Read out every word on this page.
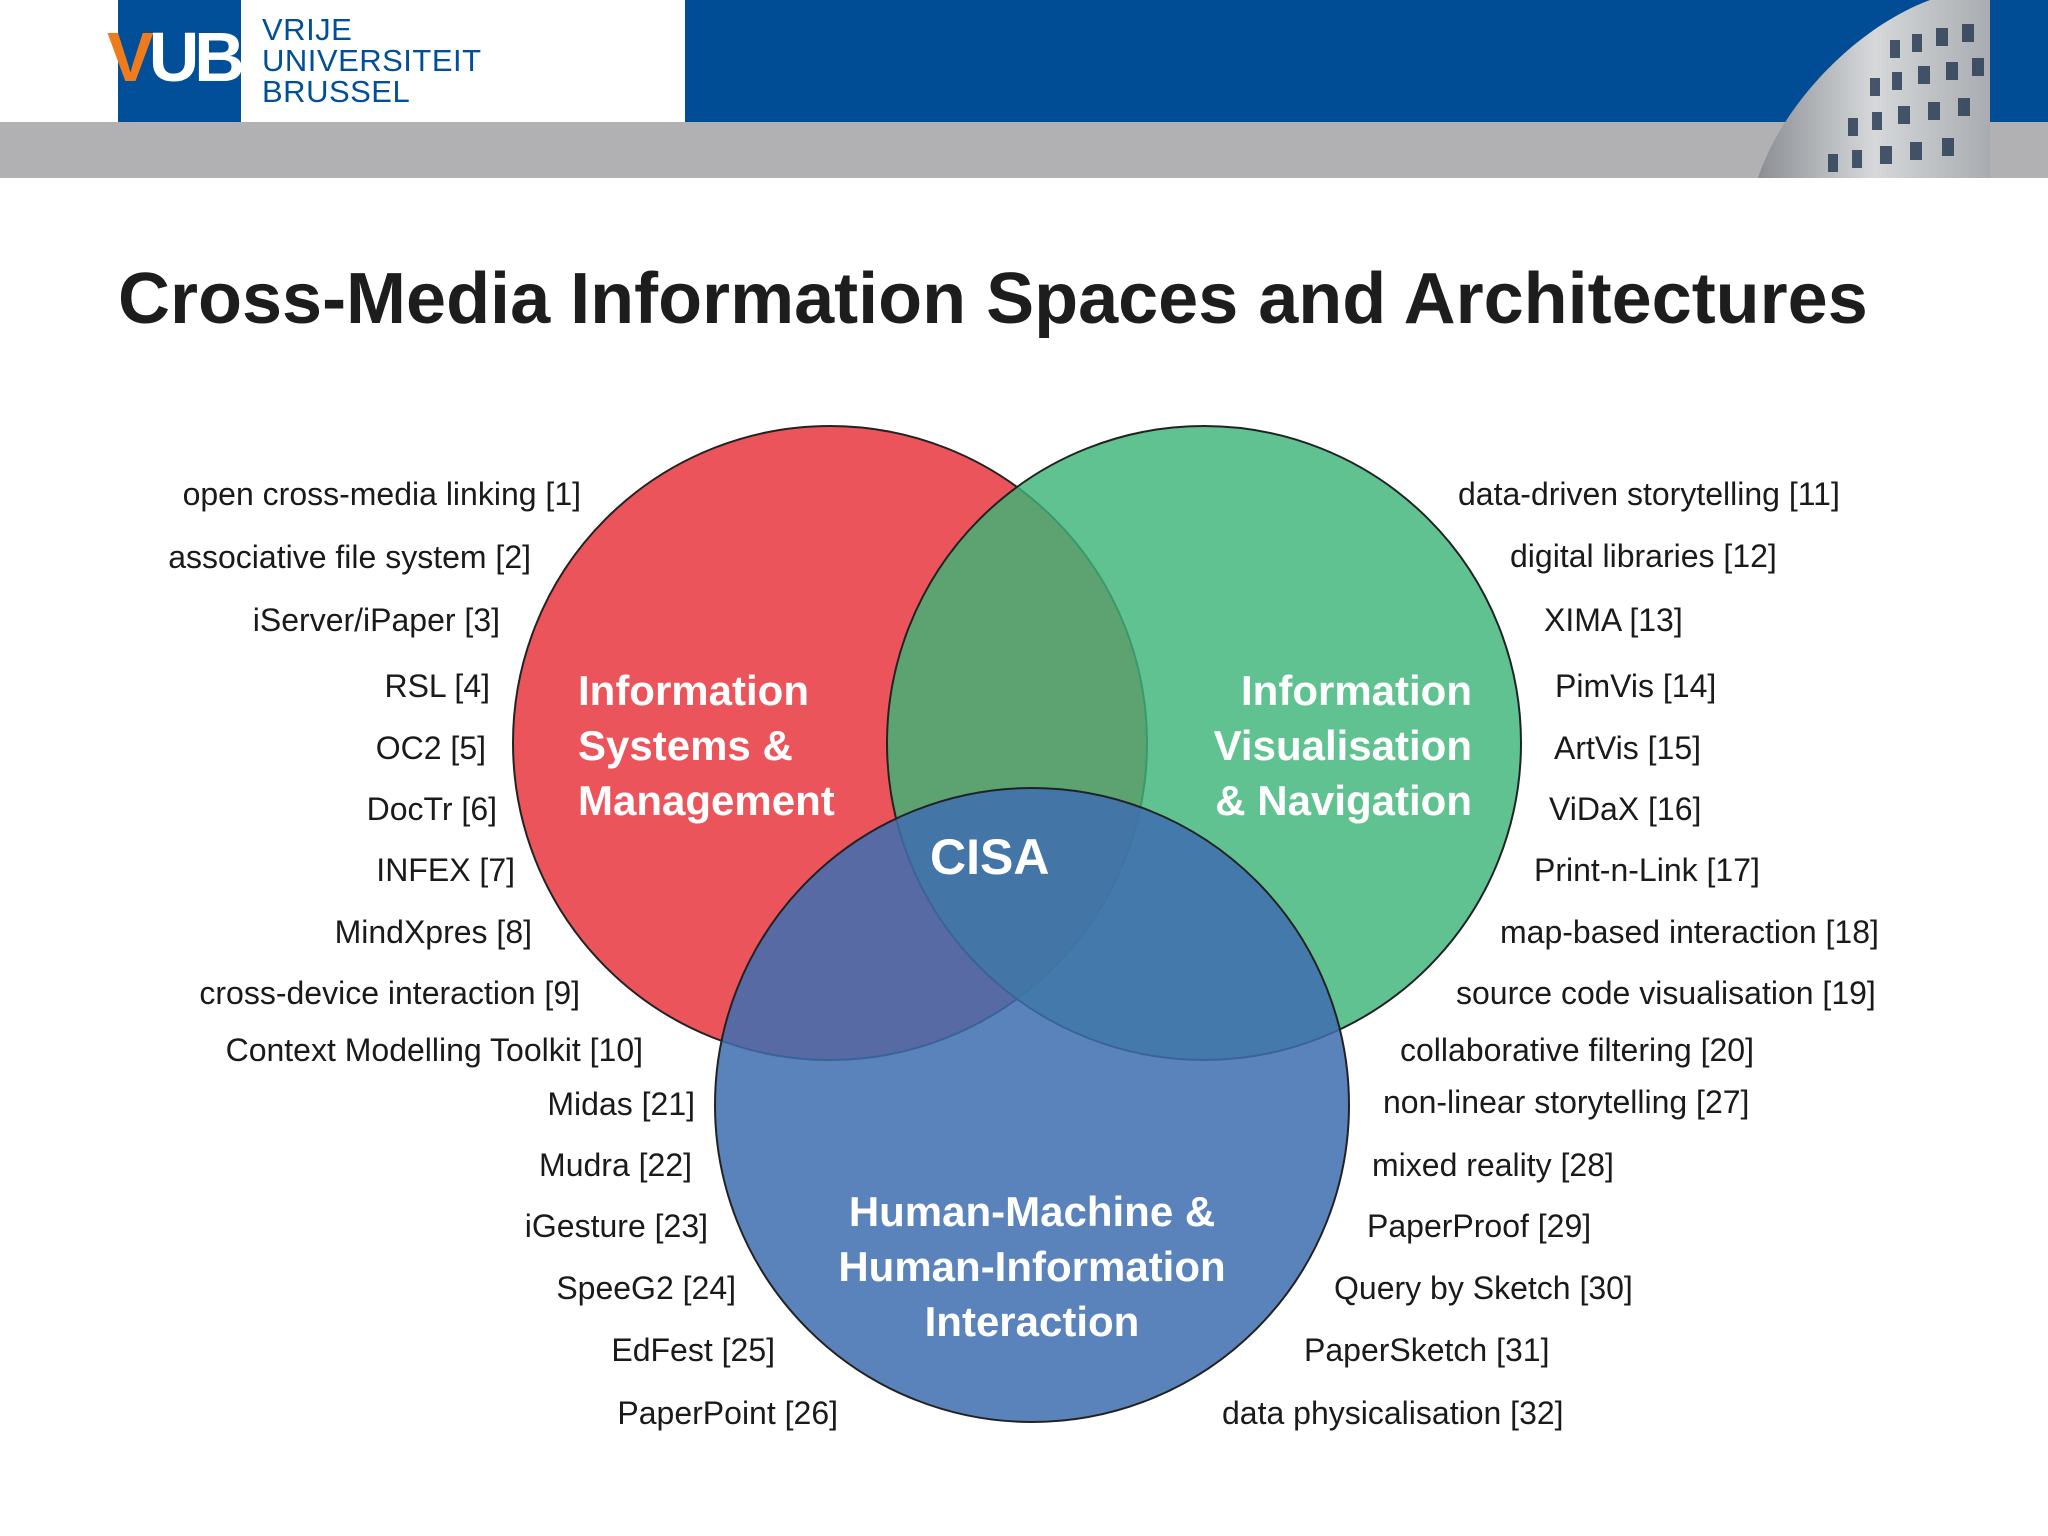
VUB VRIJE
UNIVERSITEIT
BRUSSEL
Cross-Media Information Spaces and Architectures
Information
Systems &
Management
Information
Visualisation
& Navigation
CISA
Human-Machine &
Human-Information
Interaction
open cross-media linking [1]
associative file system [2]
iServer/iPaper [3]
RSL [4]
OC2 [5]
DocTr [6]
INFEX [7]
MindXpres [8]
cross-device interaction [9]
Context Modelling Toolkit [10]
data-driven storytelling [11]
digital libraries [12]
XIMA [13]
PimVis [14]
ArtVis [15]
ViDaX [16]
Print-n-Link [17]
map-based interaction [18]
source code visualisation [19]
collaborative filtering [20]
Midas [21]
Mudra [22]
iGesture [23]
SpeeG2 [24]
EdFest [25]
PaperPoint [26]
non-linear storytelling [27]
mixed reality [28]
PaperProof [29]
Query by Sketch [30]
PaperSketch [31]
data physicalisation [32]
